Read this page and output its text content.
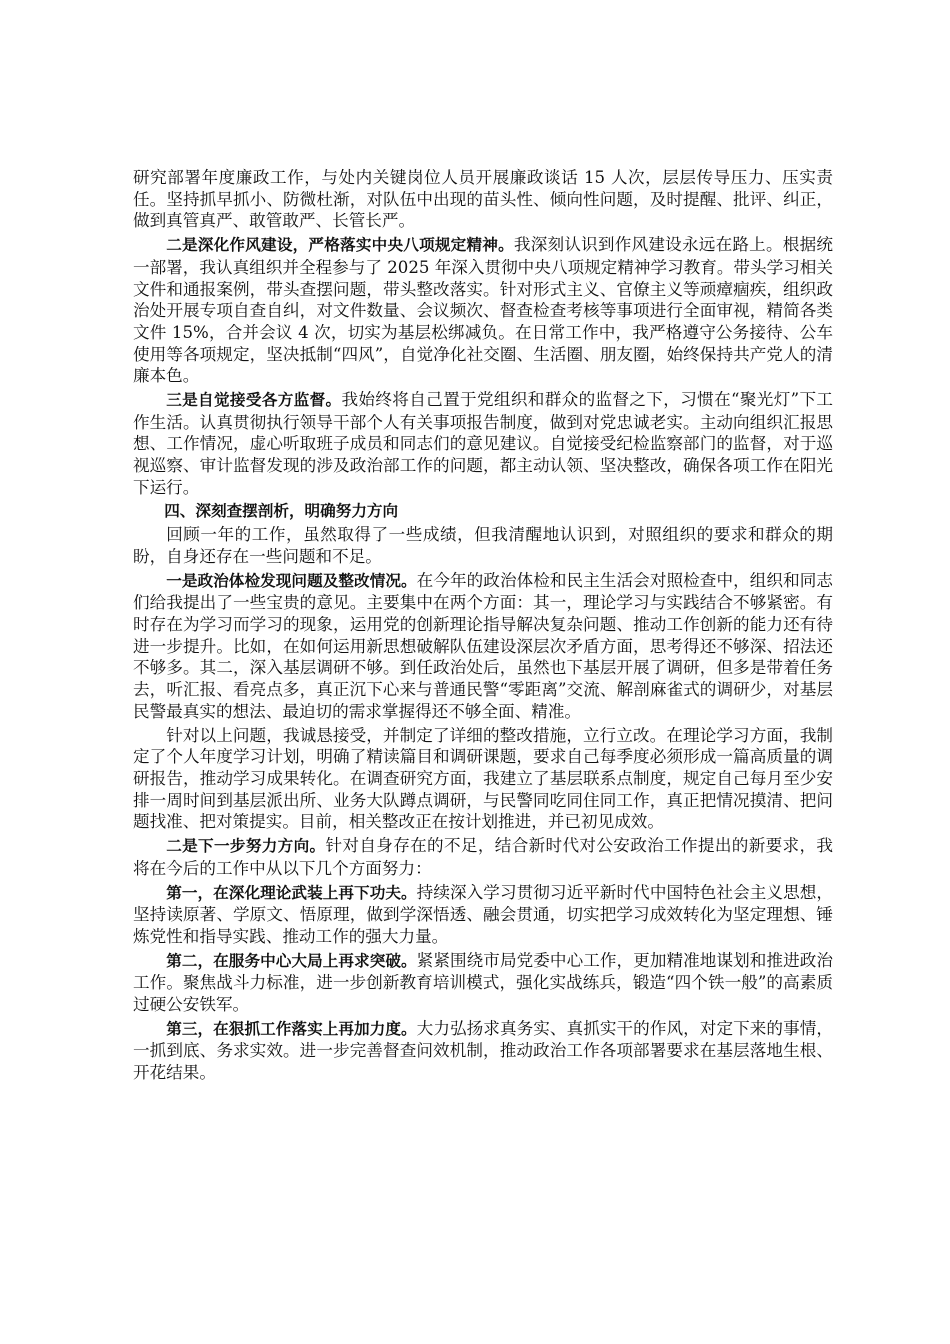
研究部署年度廉政工作，与处内关键岗位人员开展廉政谈话 15 人次，层层传导压力、压实责任。坚持抓早抓小、防微杜渐，对队伍中出现的苗头性、倾向性问题，及时提醒、批评、纠正，做到真管真严、敢管敢严、长管长严。

二是深化作风建设，严格落实中央八项规定精神。我深刻认识到作风建设永远在路上。根据统一部署，我认真组织并全程参与了 2025 年深入贯彻中央八项规定精神学习教育。带头学习相关文件和通报案例，带头查摆问题，带头整改落实。针对形式主义、官僚主义等顽瘴痼疾，组织政治处开展专项自查自纠，对文件数量、会议频次、督查检查考核等事项进行全面审视，精简各类文件 15%，合并会议 4 次，切实为基层松绑减负。在日常工作中，我严格遵守公务接待、公车使用等各项规定，坚决抵制“四风”，自觉净化社交圈、生活圈、朋友圈，始终保持共产党人的清廉本色。

三是自觉接受各方监督。我始终将自己置于党组织和群众的监督之下，习惯在“聚光灯”下工作生活。认真贯彻执行领导干部个人有关事项报告制度，做到对党忠诚老实。主动向组织汇报思想、工作情况，虚心听取班子成员和同志们的意见建议。自觉接受纪检监察部门的监督，对于巡视巡察、审计监督发现的涉及政治部工作的问题，都主动认领、坚决整改，确保各项工作在阳光下运行。

四、深刻查摆剖析，明确努力方向

回顾一年的工作，虽然取得了一些成绩，但我清醒地认识到，对照组织的要求和群众的期盼，自身还存在一些问题和不足。

一是政治体检发现问题及整改情况。在今年的政治体检和民主生活会对照检查中，组织和同志们给我提出了一些宝贵的意见。主要集中在两个方面：其一，理论学习与实践结合不够紧密。有时存在为学习而学习的现象，运用党的创新理论指导解决复杂问题、推动工作创新的能力还有待进一步提升。比如，在如何运用新思想破解队伍建设深层次矛盾方面，思考得还不够深、招法还不够多。其二，深入基层调研不够。到任政治处后，虽然也下基层开展了调研，但多是带着任务去，听汇报、看亮点多，真正沉下心来与普通民警“零距离”交流、解剖麻雀式的调研少，对基层民警最真实的想法、最迫切的需求掌握得还不够全面、精准。

针对以上问题，我诚恳接受，并制定了详细的整改措施，立行立改。在理论学习方面，我制定了个人年度学习计划，明确了精读篇目和调研课题，要求自己每季度必须形成一篇高质量的调研报告，推动学习成果转化。在调查研究方面，我建立了基层联系点制度，规定自己每月至少安排一周时间到基层派出所、业务大队蹲点调研，与民警同吃同住同工作，真正把情况摸清、把问题找准、把对策提实。目前，相关整改正在按计划推进，并已初见成效。

二是下一步努力方向。针对自身存在的不足，结合新时代对公安政治工作提出的新要求，我将在今后的工作中从以下几个方面努力：

第一，在深化理论武装上再下功夫。持续深入学习贯彻习近平新时代中国特色社会主义思想，坚持读原著、学原文、悟原理，做到学深悟透、融会贯通，切实把学习成效转化为坚定理想、锤炼党性和指导实践、推动工作的强大力量。

第二，在服务中心大局上再求突破。紧紧围绕市局党委中心工作，更加精准地谋划和推进政治工作。聚焦战斗力标准，进一步创新教育培训模式，强化实战练兵，锻造“四个铁一般”的高素质过硬公安铁军。

第三，在狠抓工作落实上再加力度。大力弘扬求真务实、真抓实干的作风，对定下来的事情，一抓到底、务求实效。进一步完善督查问效机制，推动政治工作各项部署要求在基层落地生根、开花结果。
